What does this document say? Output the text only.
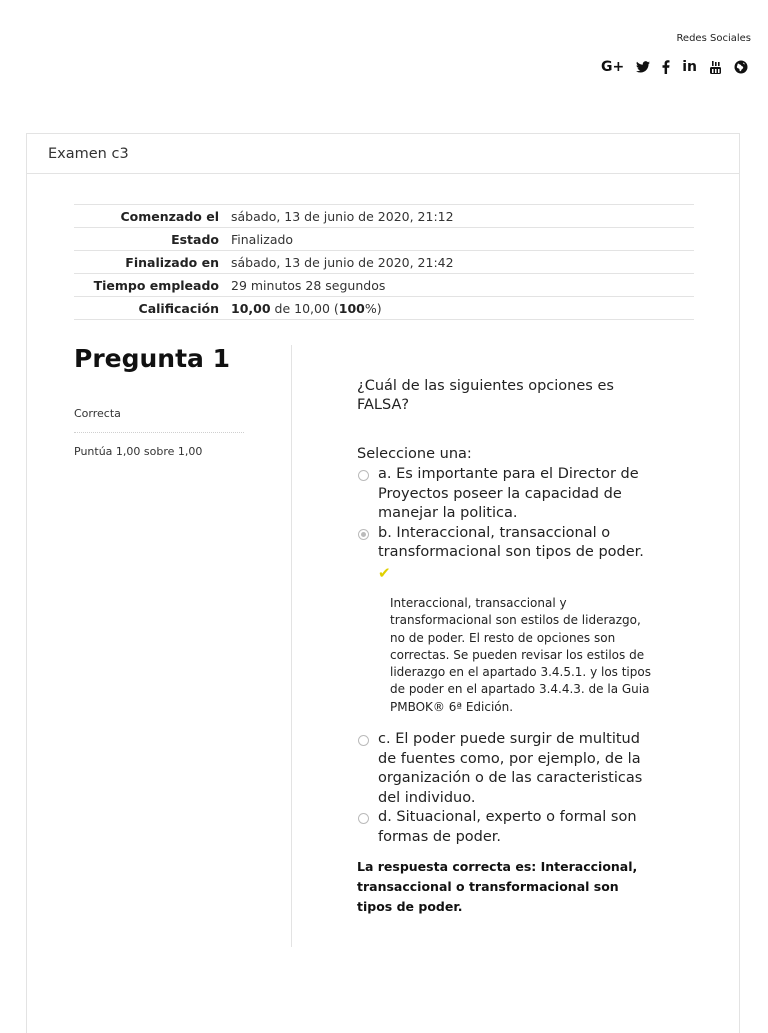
Redes Sociales
G+	in
Examen c3
Comenzado el	sábado, 13 de junio de 2020, 21:12
Estado	Finalizado
Finalizado en	sábado, 13 de junio de 2020, 21:42
Tiempo empleado	29 minutos 28 segundos
Calificación	10,00 de 10,00 (100%)
Pregunta 1
Correcta
Puntúa 1,00 sobre 1,00
¿Cuál de las siguientes opciones es FALSA?
Seleccione una:
a. Es importante para el Director de Proyectos poseer la capacidad de manejar la politica.
b. Interaccional, transaccional o transformacional son tipos de poder.
✔
Interaccional, transaccional y transformacional son estilos de liderazgo, no de poder. El resto de opciones son correctas. Se pueden revisar los estilos de liderazgo en el apartado 3.4.5.1. y los tipos de poder en el apartado 3.4.4.3. de la Guia PMBOK® 6ª Edición.
c. El poder puede surgir de multitud de fuentes como, por ejemplo, de la organización o de las caracteristicas del individuo.
d. Situacional, experto o formal son formas de poder.
La respuesta correcta es: Interaccional, transaccional o transformacional son tipos de poder.
